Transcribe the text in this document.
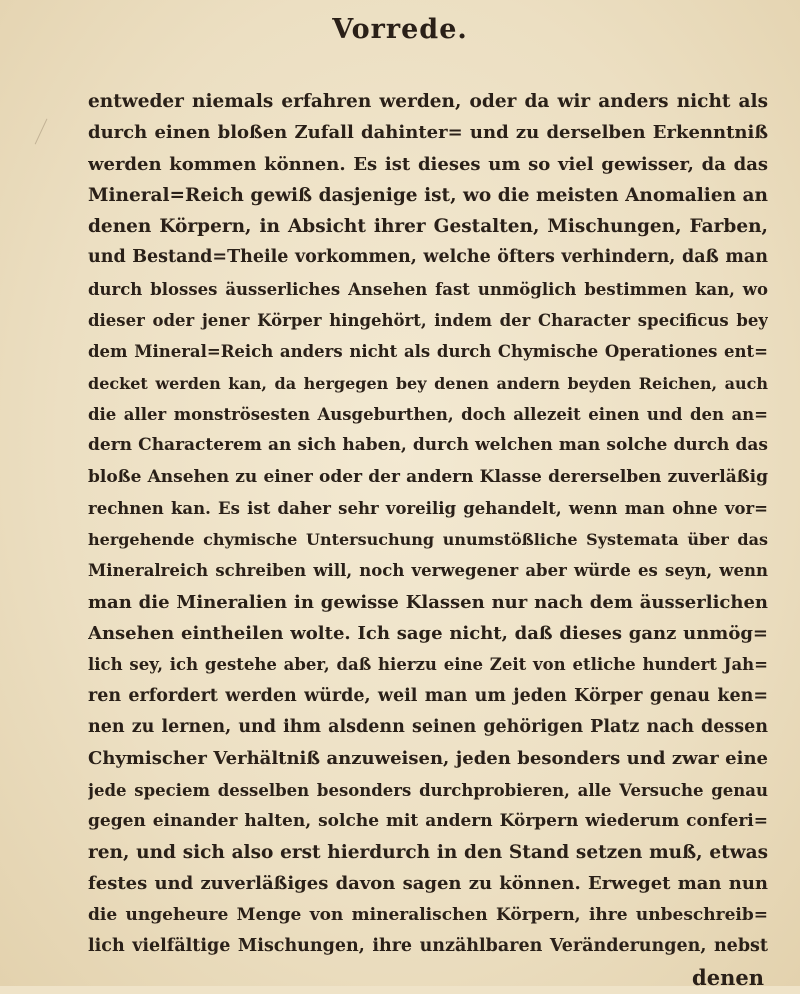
Vorrede.
entweder niemals erfahren werden, oder da wir anders nicht als
durch einen bloßen Zufall dahinter= und zu derselben Erkenntniß
werden kommen können. Es ist dieses um so viel gewisser, da das
Mineral=Reich gewiß dasjenige ist, wo die meisten Anomalien an
denen Körpern, in Absicht ihrer Gestalten, Mischungen, Farben,
und Bestand=Theile vorkommen, welche öfters verhindern, daß man
durch blosses äusserliches Ansehen fast unmöglich bestimmen kan, wo
dieser oder jener Körper hingehört, indem der Character specificus bey
dem Mineral=Reich anders nicht als durch Chymische Operationes ent=
decket werden kan, da hergegen bey denen andern beyden Reichen, auch
die aller monströsesten Ausgeburthen, doch allezeit einen und den an=
dern Characterem an sich haben, durch welchen man solche durch das
bloße Ansehen zu einer oder der andern Klasse dererselben zuverläßig
rechnen kan. Es ist daher sehr voreilig gehandelt, wenn man ohne vor=
hergehende chymische Untersuchung unumstößliche Systemata über das
Mineralreich schreiben will, noch verwegener aber würde es seyn, wenn
man die Mineralien in gewisse Klassen nur nach dem äusserlichen
Ansehen eintheilen wolte. Ich sage nicht, daß dieses ganz unmög=
lich sey, ich gestehe aber, daß hierzu eine Zeit von etliche hundert Jah=
ren erfordert werden würde, weil man um jeden Körper genau ken=
nen zu lernen, und ihm alsdenn seinen gehörigen Platz nach dessen
Chymischer Verhältniß anzuweisen, jeden besonders und zwar eine
jede speciem desselben besonders durchprobieren, alle Versuche genau
gegen einander halten, solche mit andern Körpern wiederum conferi=
ren, und sich also erst hierdurch in den Stand setzen muß, etwas
festes und zuverläßiges davon sagen zu können. Erweget man nun
die ungeheure Menge von mineralischen Körpern, ihre unbeschreib=
lich vielfältige Mischungen, ihre unzählbaren Veränderungen, nebst
denen
